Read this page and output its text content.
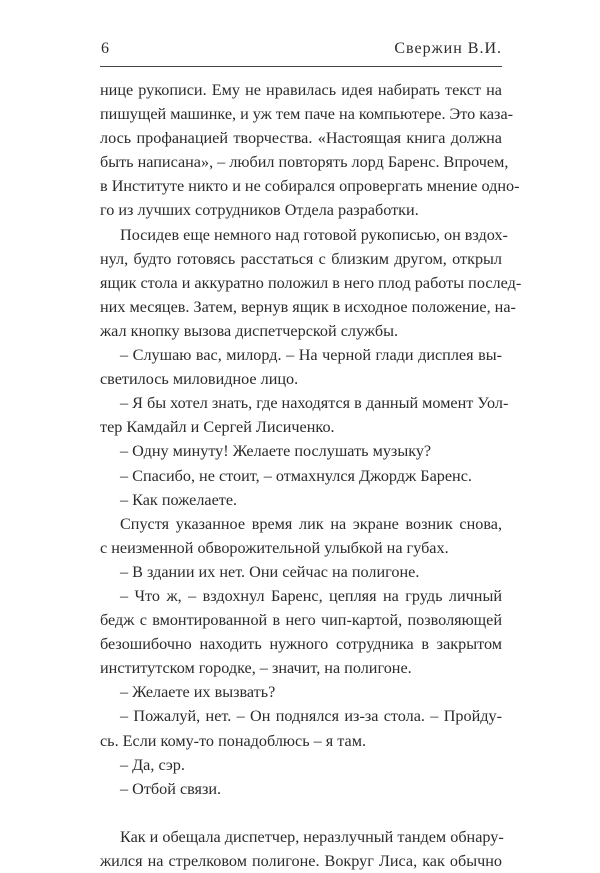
6	Свержин В.И.
нице рукописи. Ему не нравилась идея набирать текст на
пишущей машинке, и уж тем паче на компьютере. Это каза-
лось профанацией творчества. «Настоящая книга должна
быть написана», – любил повторять лорд Баренс. Впрочем,
в Институте никто и не собирался опровергать мнение одно-
го из лучших сотрудников Отдела разработки.
Посидев еще немного над готовой рукописью, он вздох-
нул, будто готовясь расстаться с близким другом, открыл
ящик стола и аккуратно положил в него плод работы послед-
них месяцев. Затем, вернув ящик в исходное положение, на-
жал кнопку вызова диспетчерской службы.
– Слушаю вас, милорд. – На черной глади дисплея вы-
светилось миловидное лицо.
– Я бы хотел знать, где находятся в данный момент Уол-
тер Камдайл и Сергей Лисиченко.
– Одну минуту! Желаете послушать музыку?
– Спасибо, не стоит, – отмахнулся Джордж Баренс.
– Как пожелаете.
Спустя указанное время лик на экране возник снова,
с неизменной обворожительной улыбкой на губах.
– В здании их нет. Они сейчас на полигоне.
– Что ж, – вздохнул Баренс, цепляя на грудь личный
бедж с вмонтированной в него чип-картой, позволяющей
безошибочно находить нужного сотрудника в закрытом
институтском городке, – значит, на полигоне.
– Желаете их вызвать?
– Пожалуй, нет. – Он поднялся из-за стола. – Пройду-
сь. Если кому-то понадоблюсь – я там.
– Да, сэр.
– Отбой связи.
Как и обещала диспетчер, неразлучный тандем обнару-
жился на стрелковом полигоне. Вокруг Лиса, как обычно
